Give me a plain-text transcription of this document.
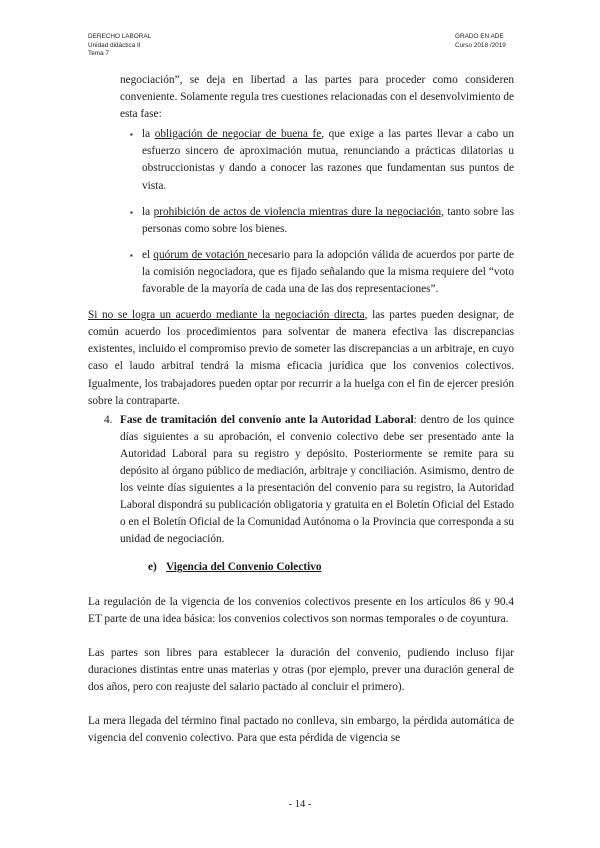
DERECHO LABORAL
Unidad didáctica II
Tema 7
GRADO EN ADE
Curso 2018 /2019

negociación”, se deja en libertad a las partes para proceder como consideren conveniente. Solamente regula tres cuestiones relacionadas con el desenvolvimiento de esta fase:

▪ la obligación de negociar de buena fe, que exige a las partes llevar a cabo un esfuerzo sincero de aproximación mutua, renunciando a prácticas dilatorias u obstruccionistas y dando a conocer las razones que fundamentan sus puntos de vista.
▪ la prohibición de actos de violencia mientras dure la negociación, tanto sobre las personas como sobre los bienes.
▪ el quórum de votación necesario para la adopción válida de acuerdos por parte de la comisión negociadora, que es fijado señalando que la misma requiere del “voto favorable de la mayoría de cada una de las dos representaciones”.

Si no se logra un acuerdo mediante la negociación directa, las partes pueden designar, de común acuerdo los procedimientos para solventar de manera efectiva las discrepancias existentes, incluido el compromiso previo de someter las discrepancias a un arbitraje, en cuyo caso el laudo arbitral tendrá la misma eficacia jurídica que los convenios colectivos. Igualmente, los trabajadores pueden optar por recurrir a la huelga con el fin de ejercer presión sobre la contraparte.

4. Fase de tramitación del convenio ante la Autoridad Laboral: dentro de los quince días siguientes a su aprobación, el convenio colectivo debe ser presentado ante la Autoridad Laboral para su registro y depósito. Posteriormente se remite para su depósito al órgano público de mediación, arbitraje y conciliación. Asimismo, dentro de los veinte días siguientes a la presentación del convenio para su registro, la Autoridad Laboral dispondrá su publicación obligatoria y gratuita en el Boletín Oficial del Estado o en el Boletín Oficial de la Comunidad Autónoma o la Provincia que corresponda a su unidad de negociación.

e) Vigencia del Convenio Colectivo

La regulación de la vigencia de los convenios colectivos presente en los artículos 86 y 90.4 ET parte de una idea básica: los convenios colectivos son normas temporales o de coyuntura.

Las partes son libres para establecer la duración del convenio, pudiendo incluso fijar duraciones distintas entre unas materias y otras (por ejemplo, prever una duración general de dos años, pero con reajuste del salario pactado al concluir el primero).

La mera llegada del término final pactado no conlleva, sin embargo, la pérdida automática de vigencia del convenio colectivo. Para que esta pérdida de vigencia se

- 14 -
